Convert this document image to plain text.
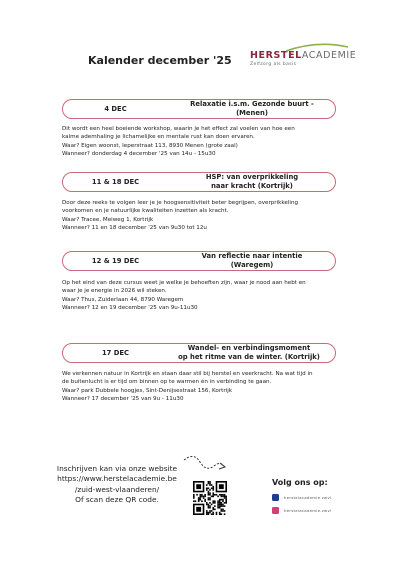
Kalender december '25 HERSTELACADEMIE
Zelfzorg als basis
4 DEC
Relaxatie i.s.m. Gezonde buurt -
(Menen)

Dit wordt een heel boeiende workshop, waarin je het effect zal voelen van hoe een

kalme ademhaling je lichamelijke en mentale rust kan doen ervaren.

Waar? Eigen woonst, Ieperstraat 113, 8930 Menen (grote zaal)

Wanneer? donderdag 4 december '25 van 14u - 15u30

11 & 18 DEC
HSP: van overprikkeling
naar kracht (Kortrijk)

Door deze reeks te volgen leer je je hoogsensitiviteit beter begrijpen, overprikkeling

voorkomen en je natuurlijke kwaliteiten inzetten als kracht.

Waar? Tracee, Meiweg 1, Kortrijk

Wanneer? 11 en 18 december '25 van 9u30 tot 12u

12 & 19 DEC
Van reflectie naar intentie
(Waregem)

Op het eind van deze cursus weet je welke je behoeften zijn, waar je nood aan hebt en

waar je je energie in 2026 wil steken.

Waar? Thus, Zuiderlaan 44, 8790 Waregem

Wanneer? 12 en 19 december '25 van 9u-11u30

17 DEC
Wandel- en verbindingsmoment
op het ritme van de winter. (Kortrijk)

We verkennen natuur in Kortrijk en staan daar stil bij herstel en veerkracht. Na wat tijd in

de buitenlucht is er tijd om binnen op te warmen én in verbinding te gaan.

Waar? park Dubbele hoogjes, Sint-Denijsestraat 156, Kortrijk

Wanneer? 17 december '25 van 9u - 11u30

Inschrijven kan via onze website
https://www.herstelacademie.be
/zuid-west-vlaanderen/
Of scan deze QR code.
Volg ons op:
herstelacademie zwvl
herstelacademie.zwvl
